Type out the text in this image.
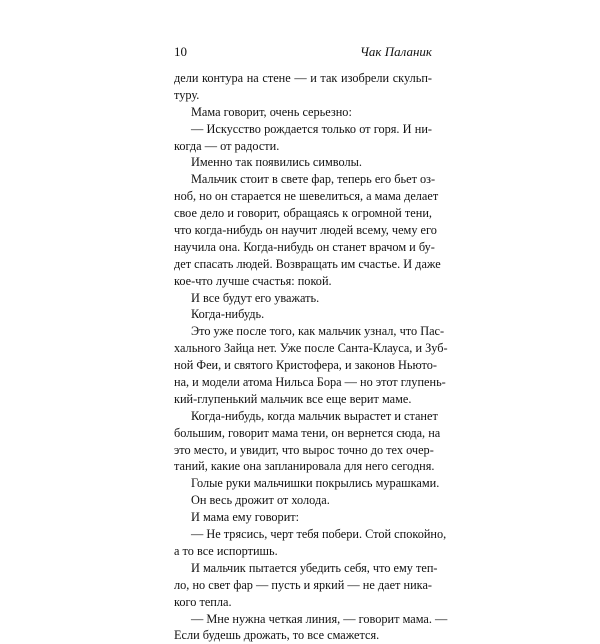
10	Чак Паланик
дели контура на стене — и так изобрели скульп-
туру.
Мама говорит, очень серьезно:
— Искусство рождается только от горя. И ни-
когда — от радости.
Именно так появились символы.
Мальчик стоит в свете фар, теперь его бьет оз-
ноб, но он старается не шевелиться, а мама делает
свое дело и говорит, обращаясь к огромной тени,
что когда-нибудь он научит людей всему, чему его
научила она. Когда-нибудь он станет врачом и бу-
дет спасать людей. Возвращать им счастье. И даже
кое-что лучше счастья: покой.
И все будут его уважать.
Когда-нибудь.
Это уже после того, как мальчик узнал, что Пас-
хального Зайца нет. Уже после Санта-Клауса, и Зуб-
ной Феи, и святого Кристофера, и законов Ньюто-
на, и модели атома Нильса Бора — но этот глупень-
кий-глупенький мальчик все еще верит маме.
Когда-нибудь, когда мальчик вырастет и станет
большим, говорит мама тени, он вернется сюда, на
это место, и увидит, что вырос точно до тех очер-
таний, какие она запланировала для него сегодня.
Голые руки мальчишки покрылись мурашками.
Он весь дрожит от холода.
И мама ему говорит:
— Не трясись, черт тебя побери. Стой спокойно,
а то все испортишь.
И мальчик пытается убедить себя, что ему теп-
ло, но свет фар — пусть и яркий — не дает ника-
кого тепла.
— Мне нужна четкая линия, — говорит мама. —
Если будешь дрожать, то все смажется.
